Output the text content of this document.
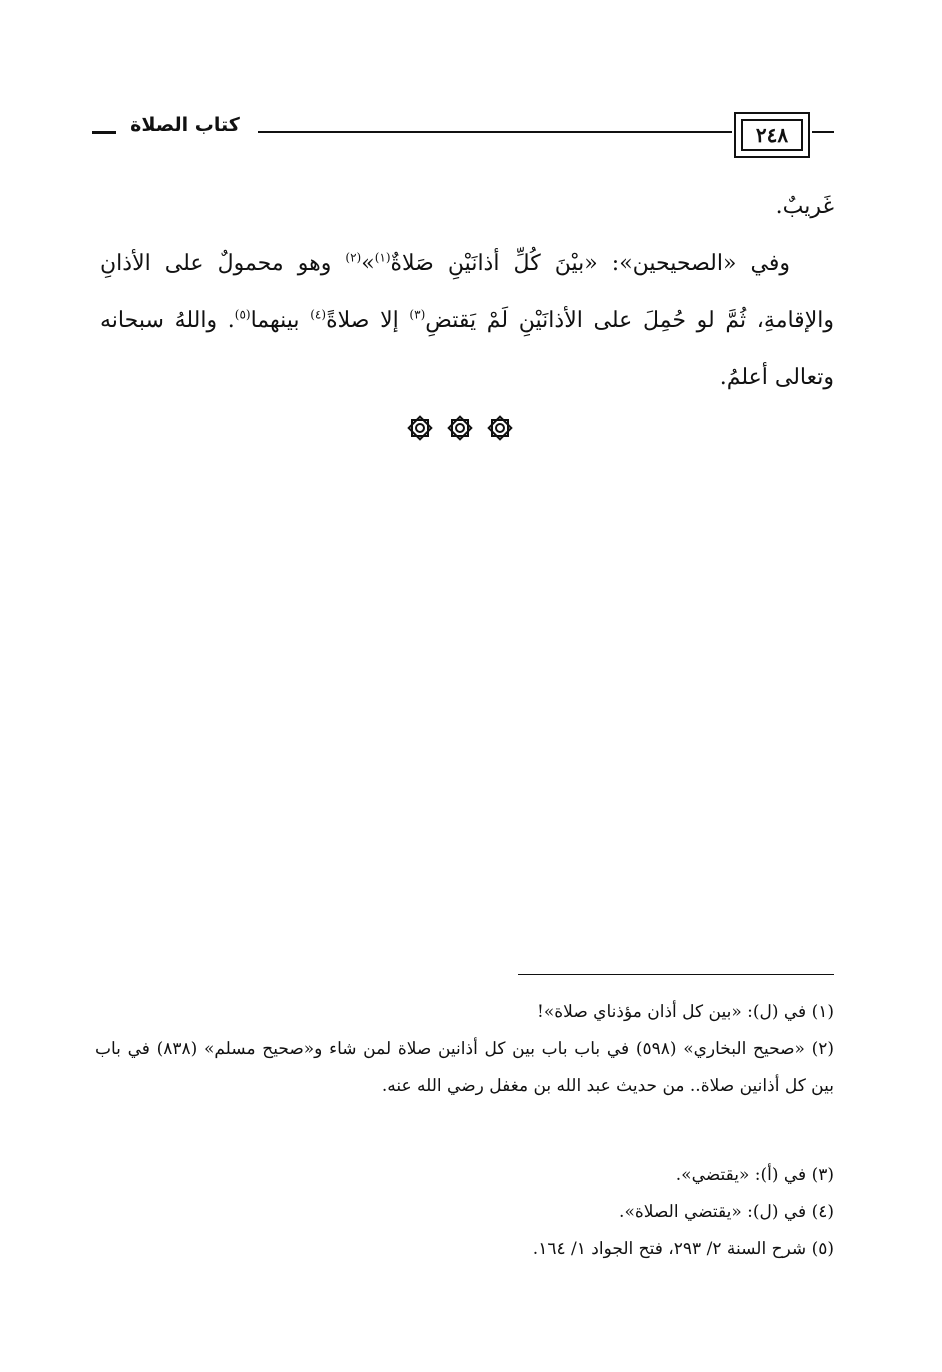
كتاب الصلاة	٢٤٨

غَريبٌ.

  وفي «الصحيحين»: «بيْنَ كُلِّ أذانَيْنِ صَلاةٌ$^{(١)}$»$^{(٢)}$ وهو محمولٌ على الأذانِ والإقامةِ، ثُمَّ لو حُمِلَ على الأذانَيْنِ لَمْ يَقتضِ$^{(٣)}$ إلا صلاةً$^{(٤)}$ بينهما$^{(٥)}$. واللهُ سبحانه وتعالى أعلمُ.

(١) في (ل): «بين كل أذان مؤذناي صلاة»!

(٢) «صحيح البخاري» (٥٩٨) في باب باب بين كل أذانين صلاة لمن شاء و«صحيح مسلم» (٨٣٨) في باب بين كل أذانين صلاة.. من حديث عبد الله بن مغفل رضي الله عنه.

(٣) في (أ): «يقتضي».

(٤) في (ل): «يقتضي الصلاة».

(٥) شرح السنة ٢/ ٢٩٣، فتح الجواد ١/ ١٦٤.
